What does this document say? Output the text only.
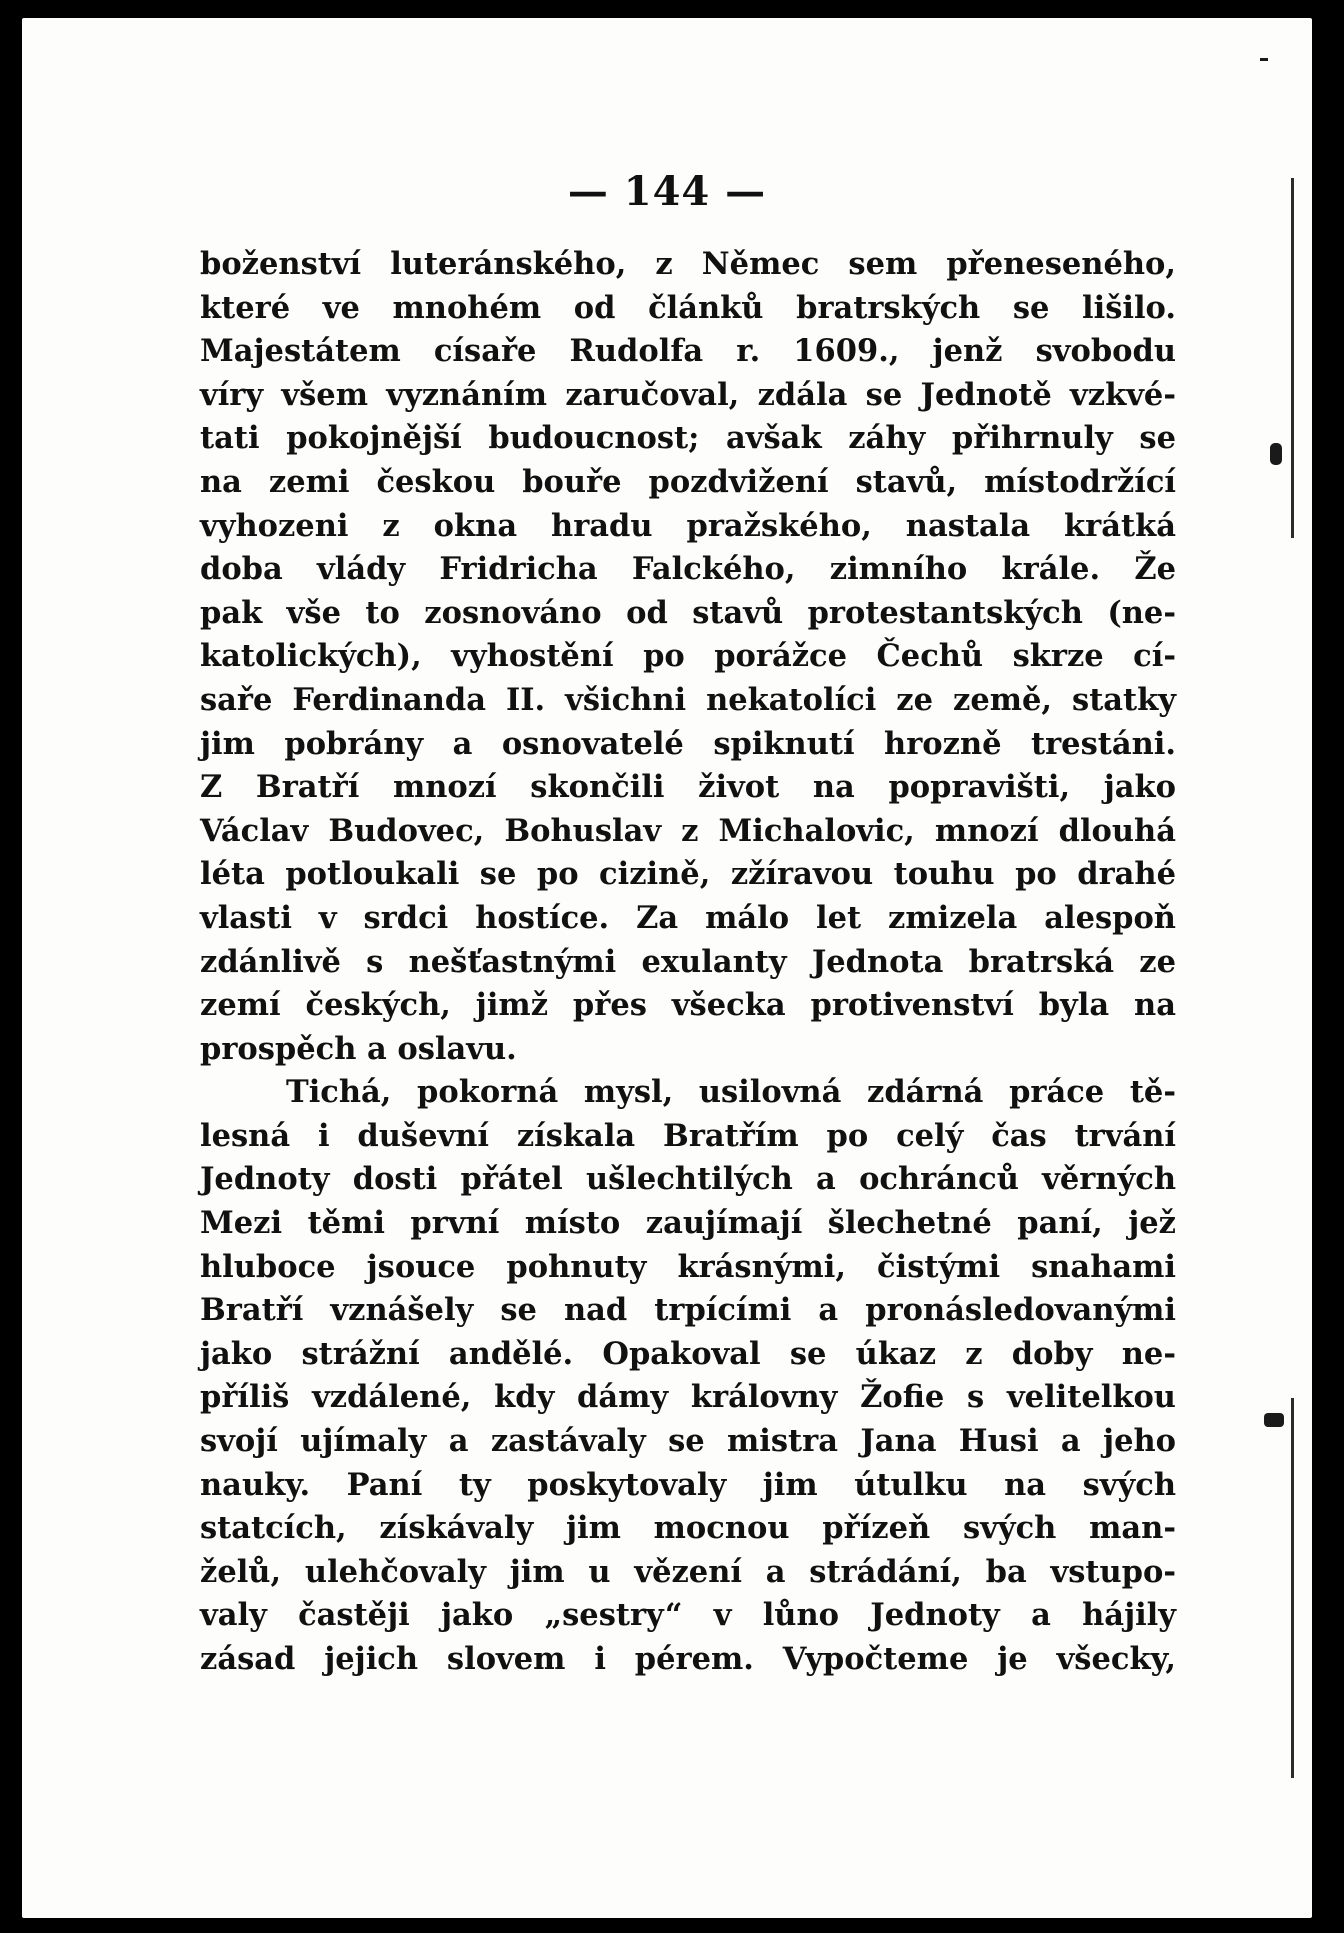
— 144 —
boženství luteránského, z Němec sem přeneseného,
které ve mnohém od článků bratrských se lišilo.
Majestátem císaře Rudolfa r. 1609., jenž svobodu
víry všem vyznáním zaručoval, zdála se Jednotě vzkvé-
tati pokojnější budoucnost; avšak záhy přihrnuly se
na zemi českou bouře pozdvižení stavů, místodržící
vyhozeni z okna hradu pražského, nastala krátká
doba vlády Fridricha Falckého, zimního krále. Že
pak vše to zosnováno od stavů protestantských (ne-
katolických), vyhostění po porážce Čechů skrze cí-
saře Ferdinanda II. všichni nekatolíci ze země, statky
jim pobrány a osnovatelé spiknutí hrozně trestáni.
Z Bratří mnozí skončili život na popravišti, jako
Václav Budovec, Bohuslav z Michalovic, mnozí dlouhá
léta potloukali se po cizině, zžíravou touhu po drahé
vlasti v srdci hostíce. Za málo let zmizela alespoň
zdánlivě s nešťastnými exulanty Jednota bratrská ze
zemí českých, jimž přes všecka protivenství byla na
prospěch a oslavu.
Tichá, pokorná mysl, usilovná zdárná práce tě-
lesná i duševní získala Bratřím po celý čas trvání
Jednoty dosti přátel ušlechtilých a ochránců věrných
Mezi těmi první místo zaujímají šlechetné paní, jež
hluboce jsouce pohnuty krásnými, čistými snahami
Bratří vznášely se nad trpícími a pronásledovanými
jako strážní andělé. Opakoval se úkaz z doby ne-
příliš vzdálené, kdy dámy královny Žofie s velitelkou
svojí ujímaly a zastávaly se mistra Jana Husi a jeho
nauky. Paní ty poskytovaly jim útulku na svých
statcích, získávaly jim mocnou přízeň svých man-
želů, ulehčovaly jim u vězení a strádání, ba vstupo-
valy častěji jako „sestry“ v lůno Jednoty a hájily
zásad jejich slovem i pérem. Vypočteme je všecky,
